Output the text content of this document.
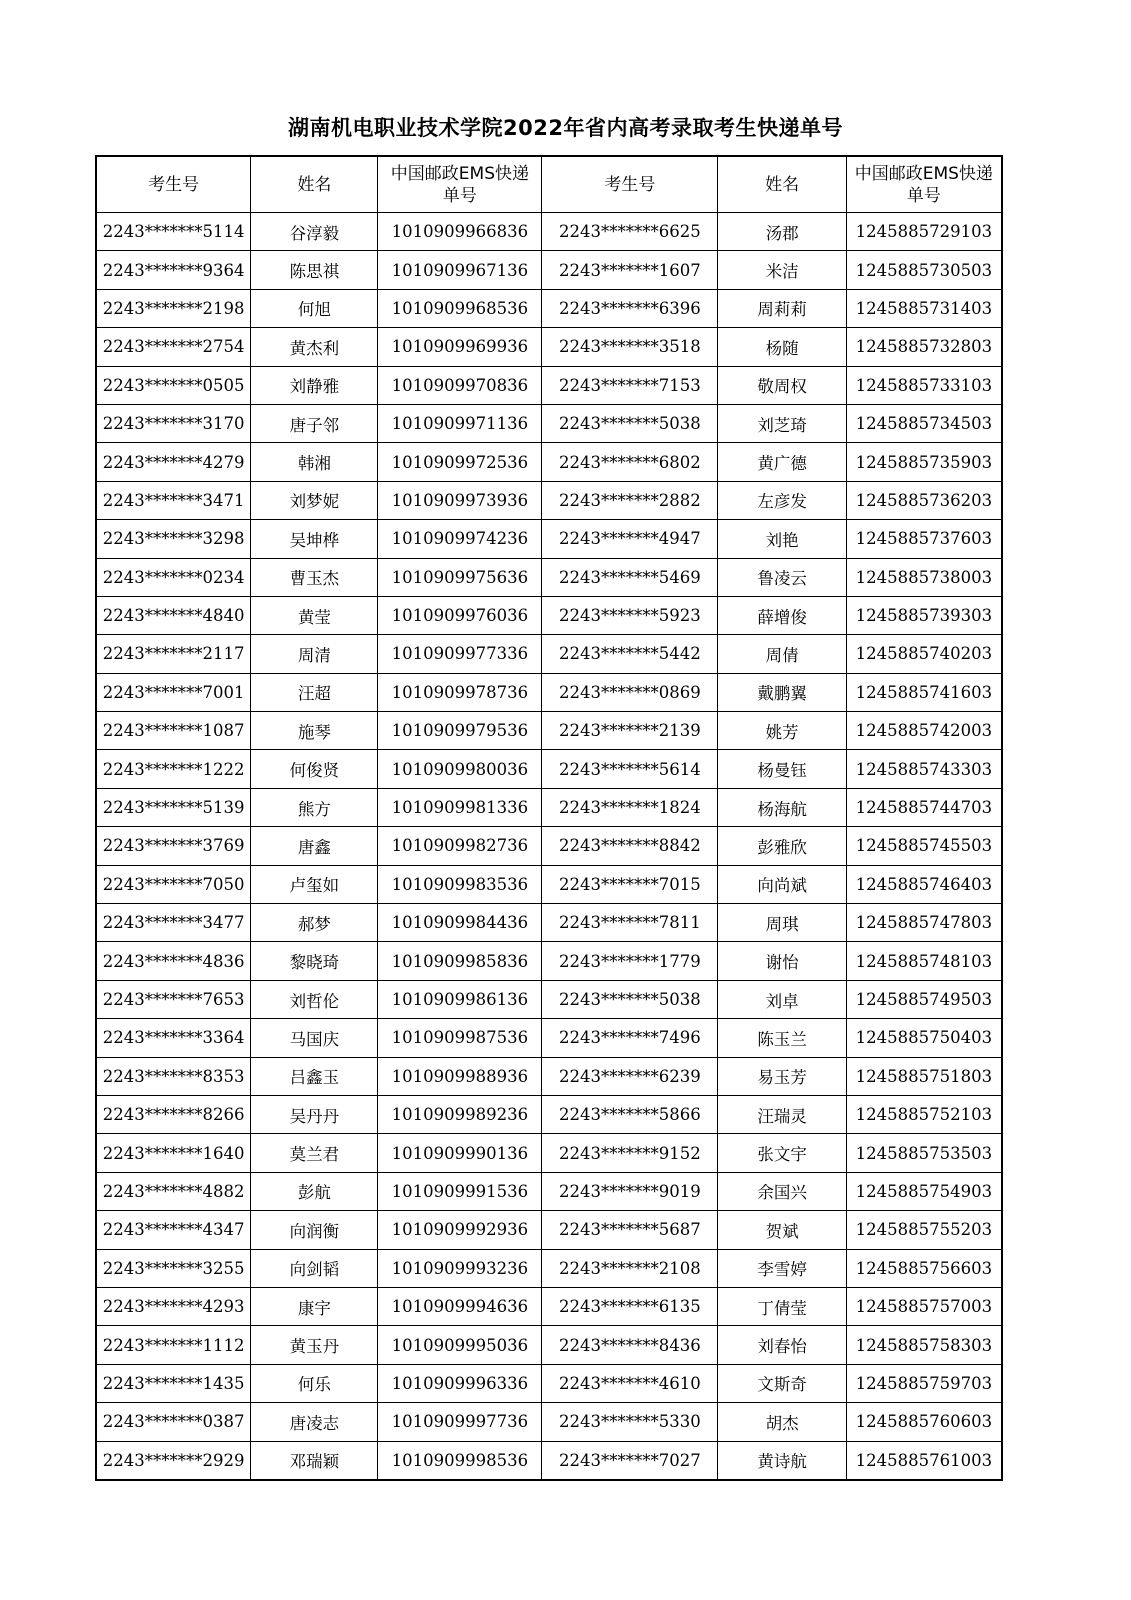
湖南机电职业技术学院2022年省内高考录取考生快递单号
考生号	姓名	中国邮政EMS快递单号	考生号	姓名	中国邮政EMS快递单号
2243*******5114	谷淳毅	1010909966836	2243*******6625	汤郡	1245885729103
2243*******9364	陈思祺	1010909967136	2243*******1607	米洁	1245885730503
2243*******2198	何旭	1010909968536	2243*******6396	周莉莉	1245885731403
2243*******2754	黄杰利	1010909969936	2243*******3518	杨随	1245885732803
2243*******0505	刘静雅	1010909970836	2243*******7153	敬周权	1245885733103
2243*******3170	唐子邻	1010909971136	2243*******5038	刘芝琦	1245885734503
2243*******4279	韩湘	1010909972536	2243*******6802	黄广德	1245885735903
2243*******3471	刘梦妮	1010909973936	2243*******2882	左彦发	1245885736203
2243*******3298	吴坤桦	1010909974236	2243*******4947	刘艳	1245885737603
2243*******0234	曹玉杰	1010909975636	2243*******5469	鲁凌云	1245885738003
2243*******4840	黄莹	1010909976036	2243*******5923	薛增俊	1245885739303
2243*******2117	周清	1010909977336	2243*******5442	周倩	1245885740203
2243*******7001	汪超	1010909978736	2243*******0869	戴鹏翼	1245885741603
2243*******1087	施琴	1010909979536	2243*******2139	姚芳	1245885742003
2243*******1222	何俊贤	1010909980036	2243*******5614	杨曼钰	1245885743303
2243*******5139	熊方	1010909981336	2243*******1824	杨海航	1245885744703
2243*******3769	唐鑫	1010909982736	2243*******8842	彭雅欣	1245885745503
2243*******7050	卢玺如	1010909983536	2243*******7015	向尚斌	1245885746403
2243*******3477	郝梦	1010909984436	2243*******7811	周琪	1245885747803
2243*******4836	黎晓琦	1010909985836	2243*******1779	谢怡	1245885748103
2243*******7653	刘哲伦	1010909986136	2243*******5038	刘卓	1245885749503
2243*******3364	马国庆	1010909987536	2243*******7496	陈玉兰	1245885750403
2243*******8353	吕鑫玉	1010909988936	2243*******6239	易玉芳	1245885751803
2243*******8266	吴丹丹	1010909989236	2243*******5866	汪瑞灵	1245885752103
2243*******1640	莫兰君	1010909990136	2243*******9152	张文宇	1245885753503
2243*******4882	彭航	1010909991536	2243*******9019	余国兴	1245885754903
2243*******4347	向润衡	1010909992936	2243*******5687	贺斌	1245885755203
2243*******3255	向剑韬	1010909993236	2243*******2108	李雪婷	1245885756603
2243*******4293	康宇	1010909994636	2243*******6135	丁倩莹	1245885757003
2243*******1112	黄玉丹	1010909995036	2243*******8436	刘春怡	1245885758303
2243*******1435	何乐	1010909996336	2243*******4610	文斯奇	1245885759703
2243*******0387	唐凌志	1010909997736	2243*******5330	胡杰	1245885760603
2243*******2929	邓瑞颖	1010909998536	2243*******7027	黄诗航	1245885761003
